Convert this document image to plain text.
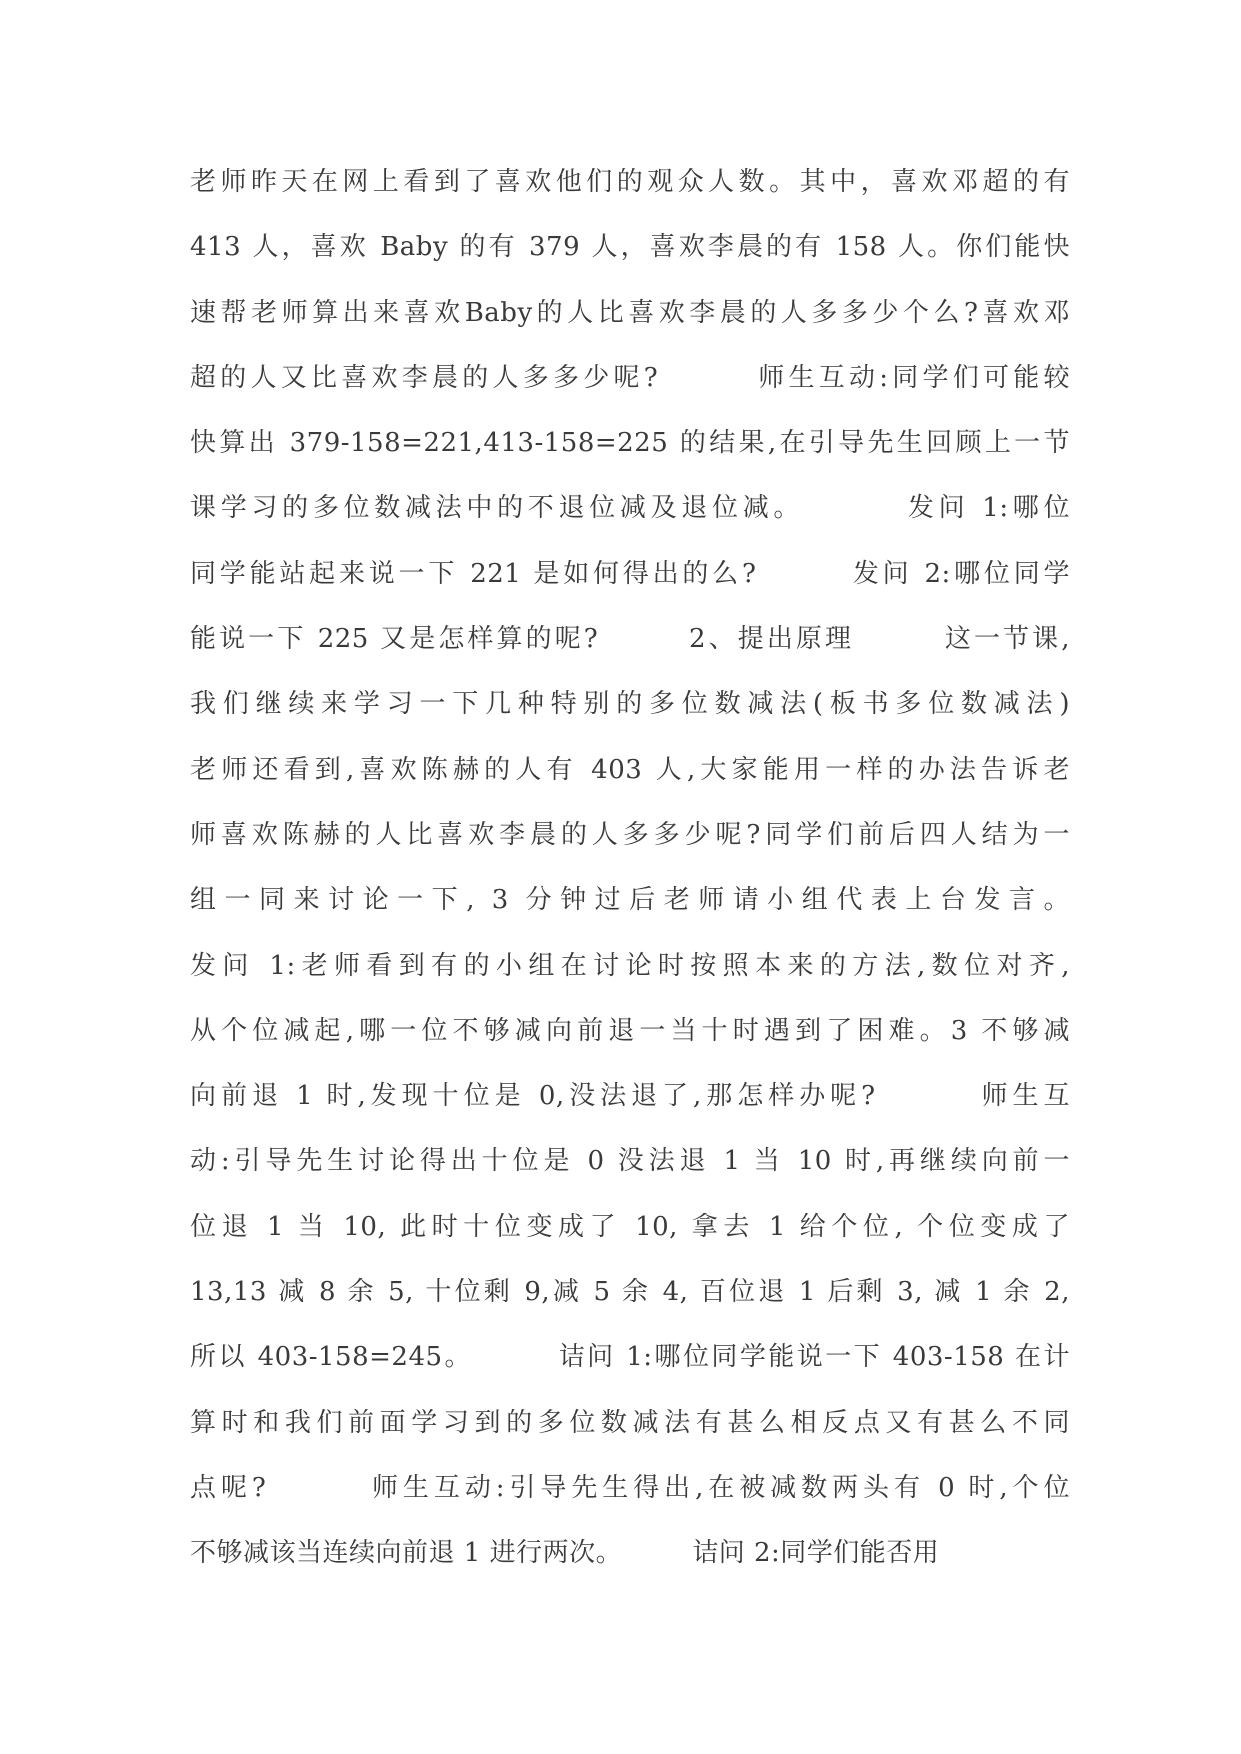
老师昨天在网上看到了喜欢他们的观众人数。其中，喜欢邓超的有
413 人，喜欢 Baby 的有 379 人，喜欢李晨的有 158 人。你们能快
速帮老师算出来喜欢Baby的人比喜欢李晨的人多多少个么?喜欢邓
超的人又比喜欢李晨的人多多少呢?        师生互动:同学们可能较
快算出 379-158=221,413-158=225 的结果,在引导先生回顾上一节
课学习的多位数减法中的不退位减及退位减。        发问 1:哪位
同学能站起来说一下 221 是如何得出的么?        发问 2:哪位同学
能说一下 225 又是怎样算的呢?        2、提出原理        这一节课,
我们继续来学习一下几种特别的多位数减法(板书多位数减法)
老师还看到,喜欢陈赫的人有 403 人,大家能用一样的办法告诉老
师喜欢陈赫的人比喜欢李晨的人多多少呢?同学们前后四人结为一
组一同来讨论一下, 3 分钟过后老师请小组代表上台发言。
发问 1:老师看到有的小组在讨论时按照本来的方法,数位对齐,
从个位减起,哪一位不够减向前退一当十时遇到了困难。3 不够减
向前退 1 时,发现十位是 0,没法退了,那怎样办呢?        师生互
动:引导先生讨论得出十位是 0 没法退 1 当 10 时,再继续向前一
位退 1 当 10, 此时十位变成了 10, 拿去 1 给个位, 个位变成了
13,13 减 8 余 5, 十位剩 9,减 5 余 4, 百位退 1 后剩 3, 减 1 余 2,
所以 403-158=245。        诘问 1:哪位同学能说一下 403-158 在计
算时和我们前面学习到的多位数减法有甚么相反点又有甚么不同
点呢?        师生互动:引导先生得出,在被减数两头有 0 时,个位
不够减该当连续向前退 1 进行两次。        诘问 2:同学们能否用
